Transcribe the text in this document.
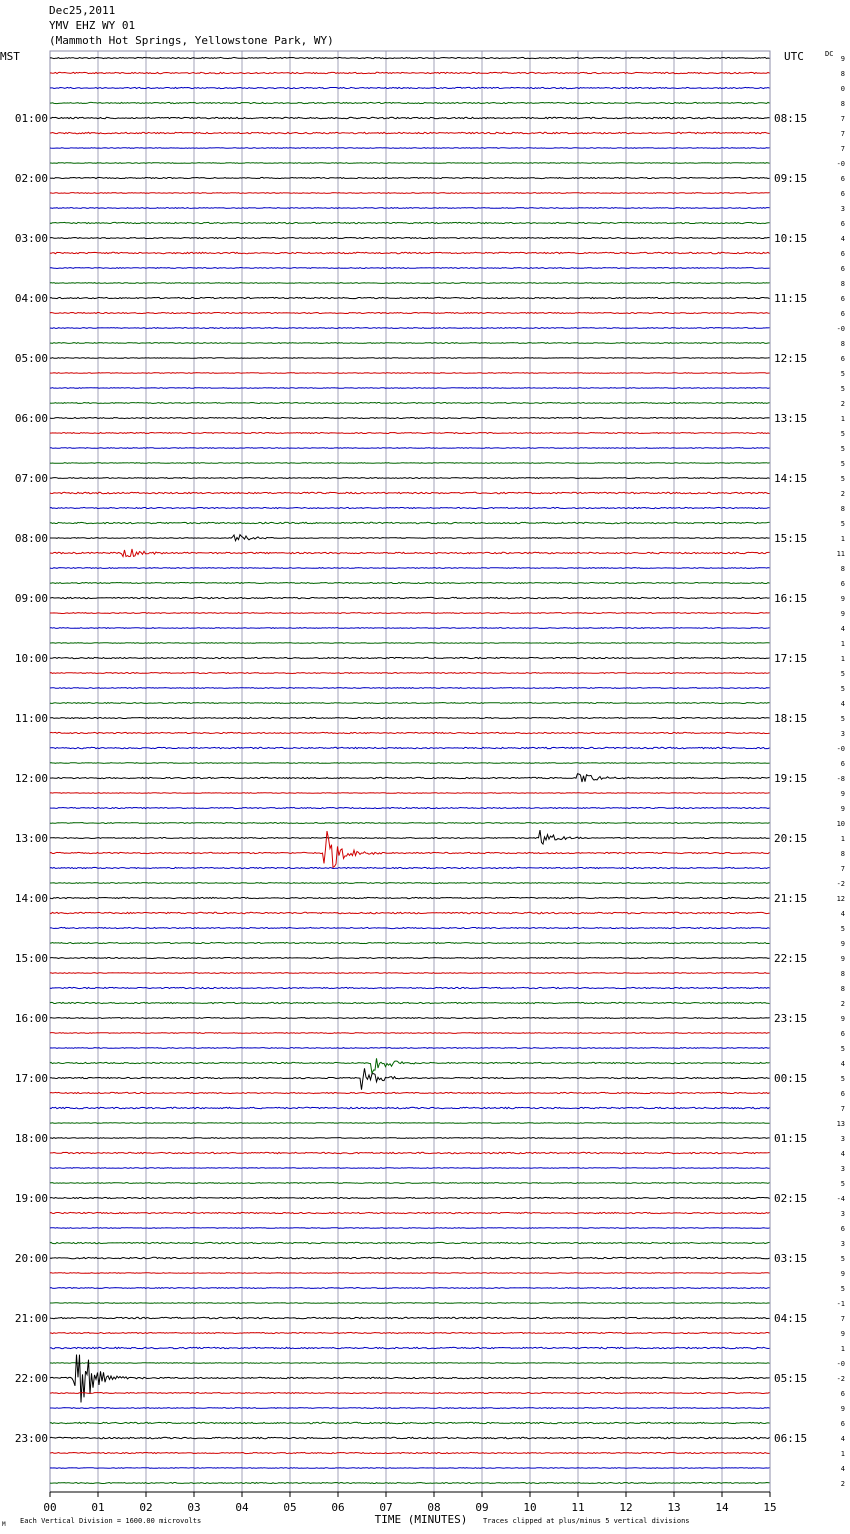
Dec25,2011
YMV EHZ WY 01
(Mammoth Hot Springs, Yellowstone Park, WY)
MST	UTC	DC
01:00
02:00
03:00
04:00
05:00
06:00
07:00
08:00
09:00
10:00
11:00
12:00
13:00
14:00
15:00
16:00
17:00
18:00
19:00
20:00
21:00
22:00
23:00
08:15
09:15
10:15
11:15
12:15
13:15
14:15
15:15
16:15
17:15
18:15
19:15
20:15
21:15
22:15
23:15
00:15
01:15
02:15
03:15
04:15
05:15
06:15
9
8
0
8
7
7
7
-0
6
6
3
6
4
6
6
8
6
6
-0
8
6
5
5
2
1
5
5
5
5
2
8
5
1
11
8
6
9
9
4
1
1
5
5
4
5
3
-0
6
-8
9
9
10
1
8
7
-2
12
4
5
9
9
8
8
2
9
6
5
4
5
6
7
13
3
4
3
5
-4
3
6
3
5
9
5
-1
7
9
1
-0
-2
6
9
6
4
1
4
2
00	01	02	03	04	05	06	07	08	09	10	11	12	13	14	15
TIME (MINUTES)
Each Vertical Division = 1600.00 microvolts	Traces clipped at plus/minus 5 vertical divisions
M
